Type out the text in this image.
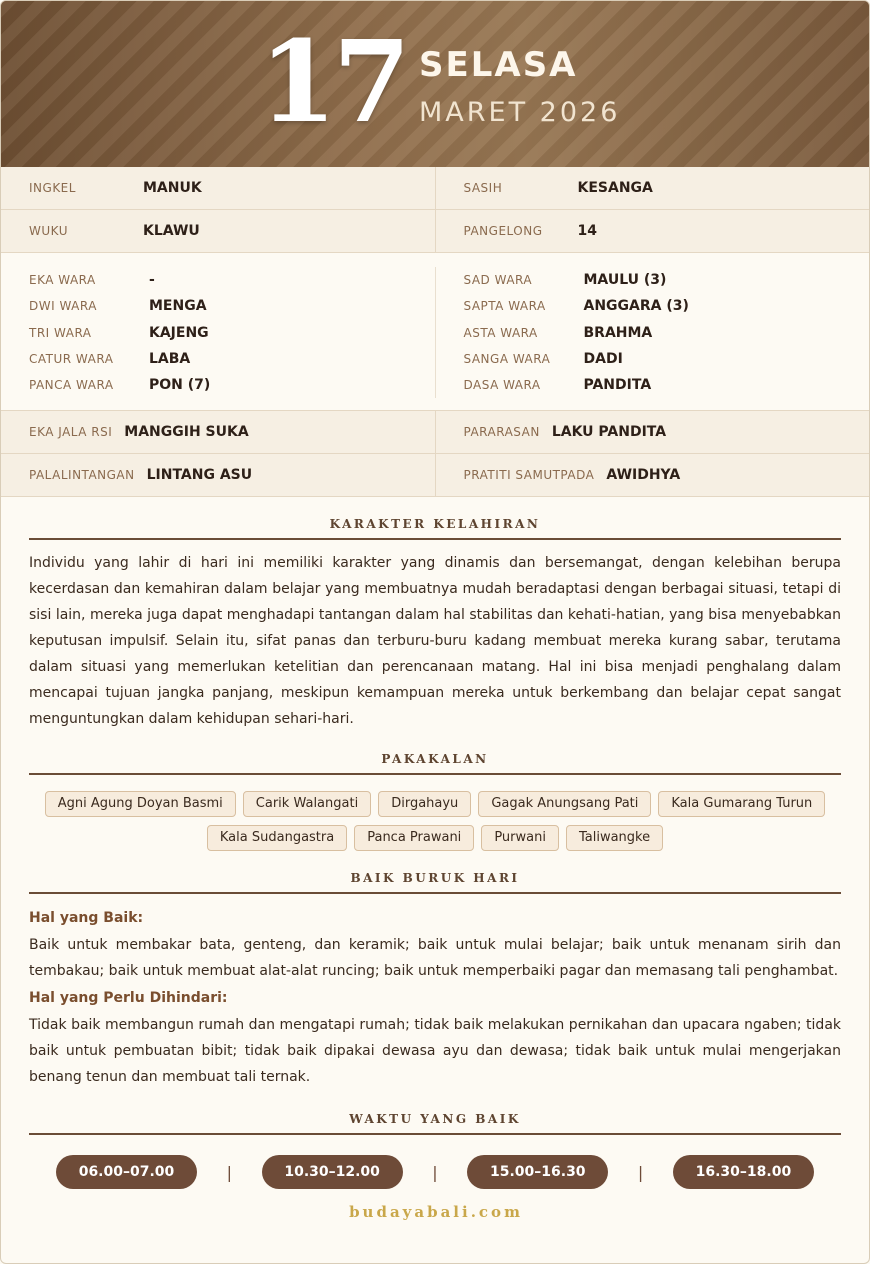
17 SELASA
MARET 2026
INGKEL	MANUK	SASIH	KESANGA
WUKU	KLAWU	PANGELONG	14
EKA WARA	-
DWI WARA	MENGA
TRI WARA	KAJENG
CATUR WARA	LABA
PANCA WARA	PON (7)
SAD WARA	MAULU (3)
SAPTA WARA	ANGGARA (3)
ASTA WARA	BRAHMA
SANGA WARA	DADI
DASA WARA	PANDITA
EKA JALA RSI MANGGIH SUKA	PARARASAN LAKU PANDITA
PALALINTANGAN LINTANG ASU	PRATITI SAMUTPADA AWIDHYA
KARAKTER KELAHIRAN

Individu yang lahir di hari ini memiliki karakter yang dinamis dan bersemangat, dengan kelebihan berupa kecerdasan dan kemahiran dalam belajar yang membuatnya mudah beradaptasi dengan berbagai situasi, tetapi di sisi lain, mereka juga dapat menghadapi tantangan dalam hal stabilitas dan kehati-hatian, yang bisa menyebabkan keputusan impulsif. Selain itu, sifat panas dan terburu-buru kadang membuat mereka kurang sabar, terutama dalam situasi yang memerlukan ketelitian dan perencanaan matang. Hal ini bisa menjadi penghalang dalam mencapai tujuan jangka panjang, meskipun kemampuan mereka untuk berkembang dan belajar cepat sangat menguntungkan dalam kehidupan sehari-hari.

PAKAKALAN
Agni Agung Doyan Basmi	Carik Walangati	Dirgahayu	Gagak Anungsang Pati	Kala Gumarang Turun
Kala Sudangastra	Panca Prawani	Purwani	Taliwangke
BAIK BURUK HARI
Hal yang Baik:

Baik untuk membakar bata, genteng, dan keramik; baik untuk mulai belajar; baik untuk menanam sirih dan tembakau; baik untuk membuat alat-alat runcing; baik untuk memperbaiki pagar dan memasang tali penghambat.

Hal yang Perlu Dihindari:

Tidak baik membangun rumah dan mengatapi rumah; tidak baik melakukan pernikahan dan upacara ngaben; tidak baik untuk pembuatan bibit; tidak baik dipakai dewasa ayu dan dewasa; tidak baik untuk mulai mengerjakan benang tenun dan membuat tali ternak.

WAKTU YANG BAIK
06.00–07.00	|	10.30–12.00	|	15.00–16.30	|	16.30–18.00
budayabali.com
